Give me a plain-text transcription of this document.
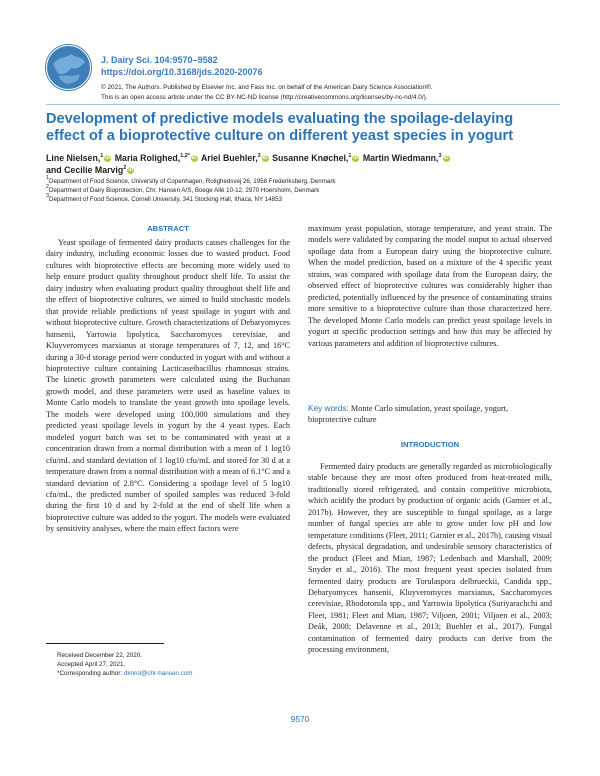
J. Dairy Sci. 104:9570–9582
https://doi.org/10.3168/jds.2020-20076
© 2021, The Authors. Published by Elsevier Inc. and Fass Inc. on behalf of the American Dairy Science Association®.
This is an open access article under the CC BY-NC-ND license (http://creativecommons.org/licenses/by-nc-nd/4.0/).
Development of predictive models evaluating the spoilage-delaying effect of a bioprotective culture on different yeast species in yogurt
Line Nielsen,$^1$ iD Maria Rolighed,$^{1,2*}$ iD Ariel Buehler,$^3$ iD Susanne Knøchel,$^1$ iD Martin Wiedmann,$^3$ iD
and Cecilie Marvig$^2$ iD
$^1$Department of Food Science, University of Copenhagen, Rolighedsvej 26, 1958 Frederiksberg, Denmark
$^2$Department of Dairy Bioprotection, Chr. Hansen A/S, Boege Allé 10-12, 2970 Hoersholm, Denmark
$^3$Department of Food Science, Cornell University, 341 Stocking Hall, Ithaca, NY 14853
ABSTRACT

Yeast spoilage of fermented dairy products causes challenges for the dairy industry, including economic losses due to wasted product. Food cultures with bioprotective effects are becoming more widely used to help ensure product quality throughout product shelf life. To assist the dairy industry when evaluating product quality throughout shelf life and the effect of bioprotective cultures, we aimed to build stochastic models that provide reliable predictions of yeast spoilage in yogurt with and without bioprotective culture. Growth characterizations of Debaryomyces hansenii, Yarrowia lipolytica, Saccharomyces cerevisiae, and Kluyveromyces marxianus at storage temperatures of 7, 12, and 16°C during a 30-d storage period were conducted in yogurt with and without a bioprotective culture containing Lacticaseibacillus rhamnosus strains. The kinetic growth parameters were calculated using the Buchanan growth model, and these parameters were used as baseline values in Monte Carlo models to translate the yeast growth into spoilage levels. The models were developed using 100,000 simulations and they predicted yeast spoilage levels in yogurt by the 4 yeast types. Each modeled yogurt batch was set to be contaminated with yeast at a concentration drawn from a normal distribution with a mean of 1 log10 cfu/mL and standard deviation of 1 log10 cfu/mL and stored for 30 d at a temperature drawn from a normal distribution with a mean of 6.1°C and a standard deviation of 2.8°C. Considering a spoilage level of 5 log10 cfu/mL, the predicted number of spoiled samples was reduced 3-fold during the first 10 d and by 2-fold at the end of shelf life when a bioprotective culture was added to the yogurt. The models were evaluated by sensitivity analyses, where the main effect factors were

maximum yeast population, storage temperature, and yeast strain. The models were validated by comparing the model output to actual observed spoilage data from a European dairy using the bioprotective culture. When the model prediction, based on a mixture of the 4 specific yeast strains, was compared with spoilage data from the European dairy, the observed effect of bioprotective cultures was considerably higher than predicted, potentially influenced by the presence of contaminating strains more sensitive to a bioprotective culture than those characterized here. The developed Monte Carlo models can predict yeast spoilage levels in yogurt at specific production settings and how this may be affected by various parameters and addition of bioprotective cultures.

Key words: Monte Carlo simulation, yeast spoilage, yogurt, bioprotective culture
INTRODUCTION

Fermented dairy products are generally regarded as microbiologically stable because they are most often produced from heat-treated milk, traditionally stored refrigerated, and contain competitive microbiota, which acidify the product by production of organic acids (Garnier et al., 2017b). However, they are susceptible to fungal spoilage, as a large number of fungal species are able to grow under low pH and low temperature conditions (Fleet, 2011; Garnier et al., 2017b), causing visual defects, physical degradation, and undesirable sensory characteristics of the product (Fleet and Mian, 1987; Ledenbach and Marshall, 2009; Snyder et al., 2016). The most frequent yeast species isolated from fermented dairy products are Torulaspora delbrueckii, Candida spp., Debaryomyces hansenii, Kluyveromyces marxianus, Saccharomyces cerevisiae, Rhodotorula spp., and Yarrowia lipolytica (Suriyarachchi and Fleet, 1981; Fleet and Mian, 1987; Viljoen, 2001; Viljoen et al., 2003; Deák, 2008; Delavenne et al., 2013; Buehler et al., 2017). Fungal contamination of fermented dairy products can derive from the processing environment,

Received December 22, 2020.
Accepted April 27, 2021.
*Corresponding author: dknrol@chr-hansen.com
9570
